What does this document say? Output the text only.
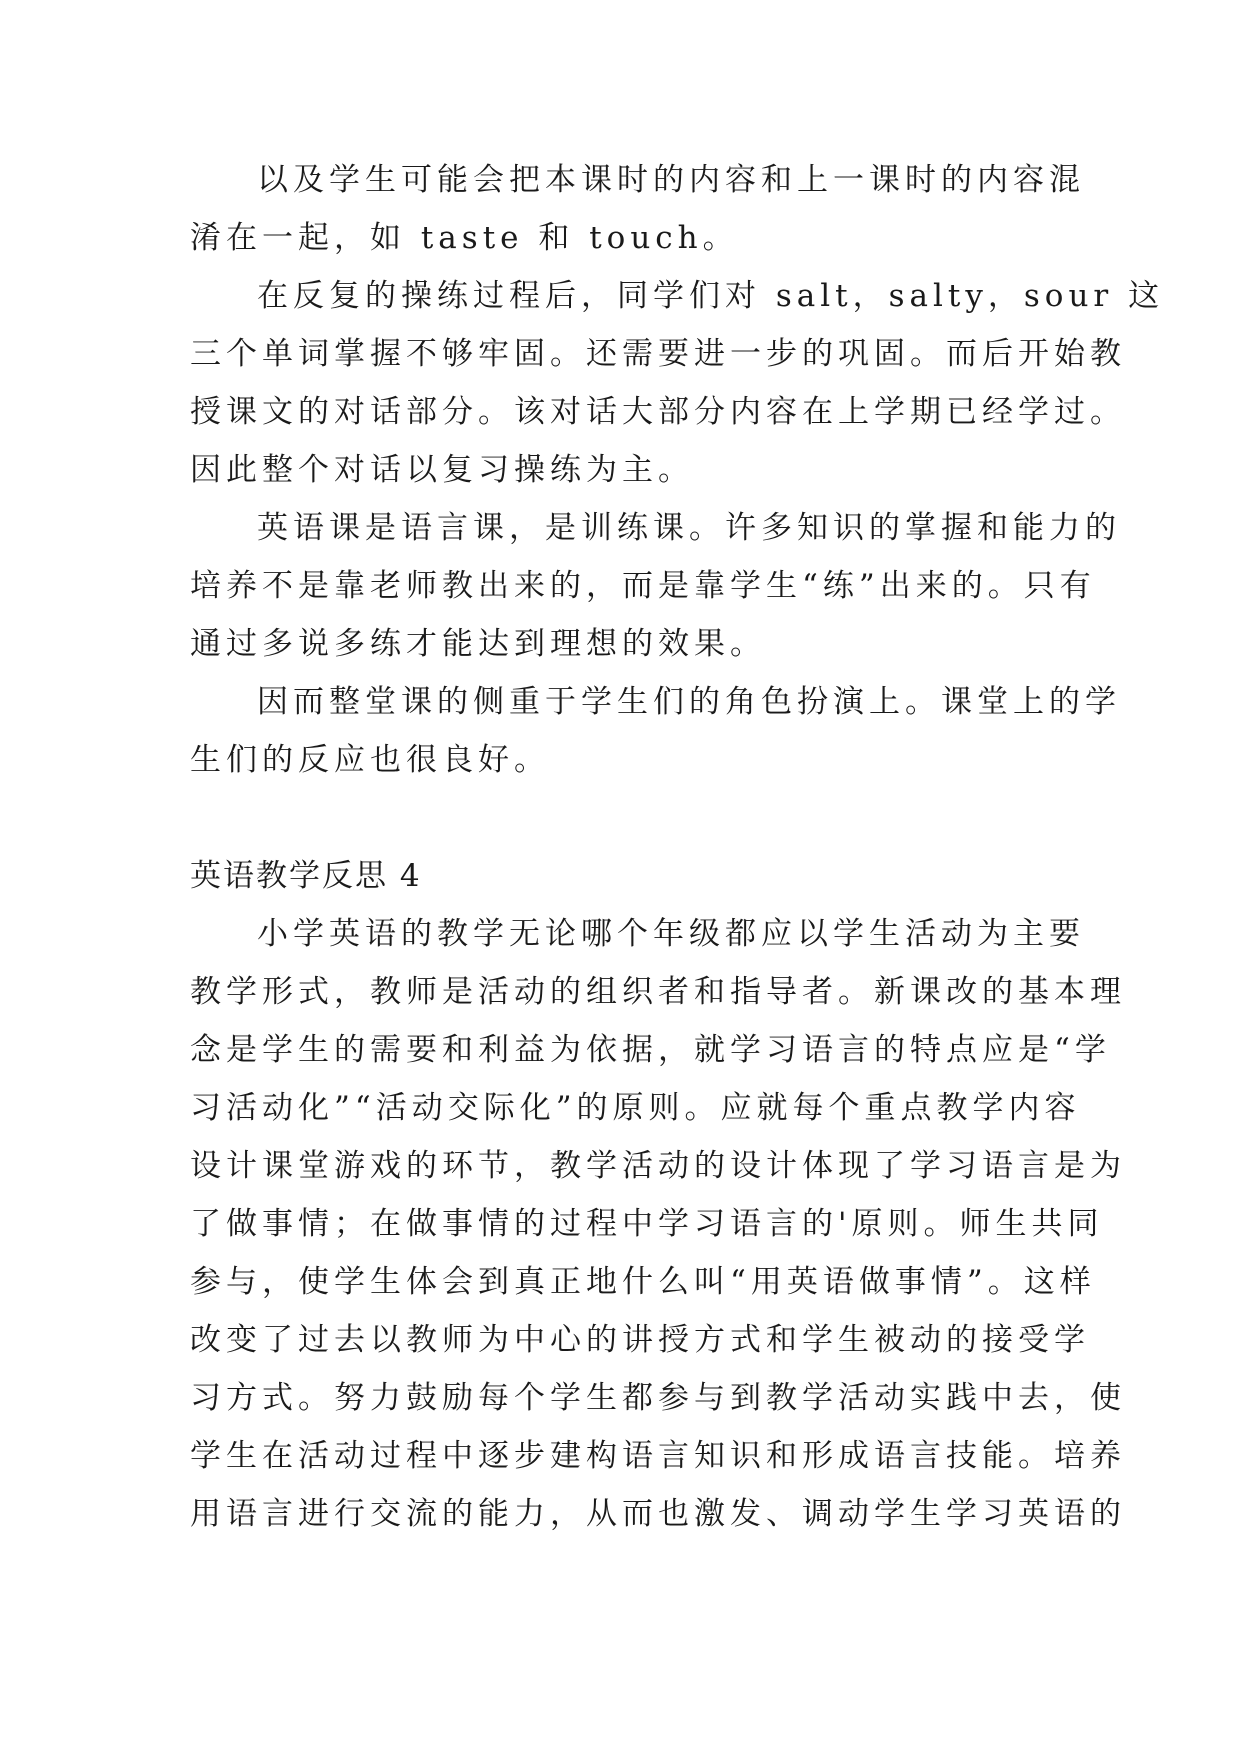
以及学生可能会把本课时的内容和上一课时的内容混
淆在一起，如 taste 和 touch。
在反复的操练过程后，同学们对 salt，salty，sour 这
三个单词掌握不够牢固。还需要进一步的巩固。而后开始教
授课文的对话部分。该对话大部分内容在上学期已经学过。
因此整个对话以复习操练为主。
英语课是语言课，是训练课。许多知识的掌握和能力的
培养不是靠老师教出来的，而是靠学生“练”出来的。只有
通过多说多练才能达到理想的效果。
因而整堂课的侧重于学生们的角色扮演上。课堂上的学
生们的反应也很良好。
英语教学反思 4
小学英语的教学无论哪个年级都应以学生活动为主要
教学形式，教师是活动的组织者和指导者。新课改的基本理
念是学生的需要和利益为依据，就学习语言的特点应是“学
习活动化”“活动交际化”的原则。应就每个重点教学内容
设计课堂游戏的环节，教学活动的设计体现了学习语言是为
了做事情；在做事情的过程中学习语言的'原则。师生共同
参与，使学生体会到真正地什么叫“用英语做事情”。这样
改变了过去以教师为中心的讲授方式和学生被动的接受学
习方式。努力鼓励每个学生都参与到教学活动实践中去，使
学生在活动过程中逐步建构语言知识和形成语言技能。培养
用语言进行交流的能力，从而也激发、调动学生学习英语的
